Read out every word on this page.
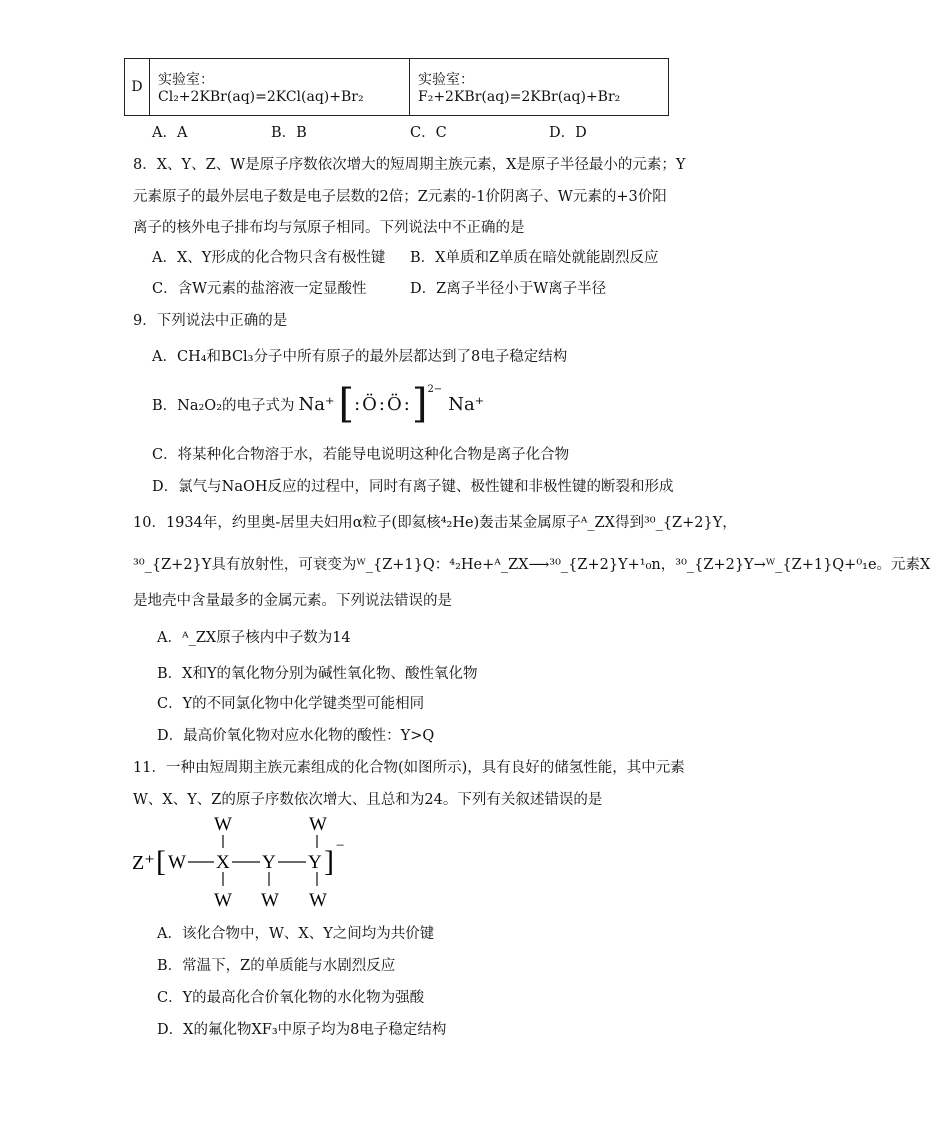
D	实验室：Cl₂+2KBr(aq)=2KCl(aq)+Br₂	实验室：F₂+2KBr(aq)=2KBr(aq)+Br₂
A．A	B．B	C．C	D．D
8．X、Y、Z、W是原子序数依次增大的短周期主族元素，X是原子半径最小的元素；Y
元素原子的最外层电子数是电子层数的2倍；Z元素的-1价阴离子、W元素的+3价阳
离子的核外电子排布均与氖原子相同。下列说法中不正确的是
A．X、Y形成的化合物只含有极性键 B．X单质和Z单质在暗处就能剧烈反应
C．含W元素的盐溶液一定显酸性	D．Z离子半径小于W离子半径
9．下列说法中正确的是
A．CH₄和BCl₃分子中所有原子的最外层都达到了8电子稳定结构
B．Na₂O₂的电子式为 Na⁺ [ :Ö:Ö: ] 2−
Na⁺
C．将某种化合物溶于水，若能导电说明这种化合物是离子化合物
D．氯气与NaOH反应的过程中，同时有离子键、极性键和非极性键的断裂和形成
10．1934年，约里奥-居里夫妇用α粒子(即氦核⁴₂He)轰击某金属原子ᴬ_ZX得到³⁰_{Z+2}Y，
³⁰_{Z+2}Y具有放射性，可衰变为ᵂ_{Z+1}Q：⁴₂He+ᴬ_ZX⟶³⁰_{Z+2}Y+¹₀n，³⁰_{Z+2}Y→ᵂ_{Z+1}Q+⁰₁e。元素X
是地壳中含量最多的金属元素。下列说法错误的是
A．ᴬ_ZX原子核内中子数为14
B．X和Y的氧化物分别为碱性氧化物、酸性氧化物
C．Y的不同氯化物中化学键类型可能相同
D．最高价氧化物对应水化物的酸性：Y>Q
11．一种由短周期主族元素组成的化合物(如图所示)，具有良好的储氢性能，其中元素
W、X、Y、Z的原子序数依次增大、且总和为24。下列有关叙述错误的是
Z⁺ [ W X Y Y ] −
W	W
W W W
A．该化合物中，W、X、Y之间均为共价键
B．常温下，Z的单质能与水剧烈反应
C．Y的最高化合价氧化物的水化物为强酸
D．X的氟化物XF₃中原子均为8电子稳定结构
